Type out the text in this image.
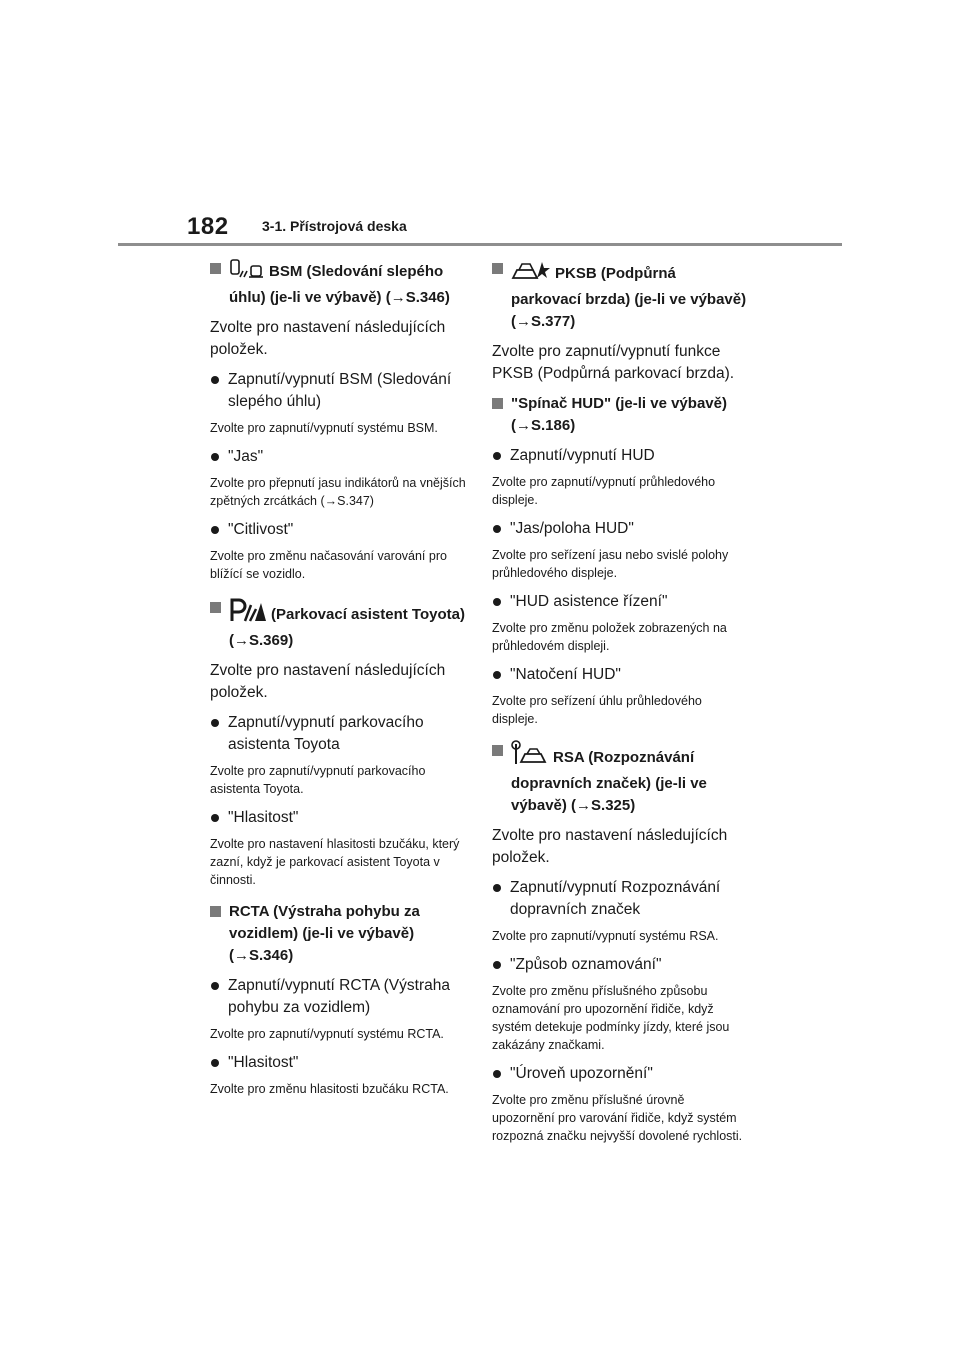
182 3-1. Přístrojová deska
BSM (Sledování slepého úhlu) (je-li ve výbavě) (→S.346)
Zvolte pro nastavení následujících položek.
Zapnutí/vypnutí BSM (Sledování slepého úhlu)
Zvolte pro zapnutí/vypnutí systému BSM.
"Jas"
Zvolte pro přepnutí jasu indikátorů na vnějších zpětných zrcátkách (→S.347)
"Citlivost"
Zvolte pro změnu načasování varování pro blížící se vozidlo.
(Parkovací asistent Toyota) (→S.369)
Zvolte pro nastavení následujících položek.
Zapnutí/vypnutí parkovacího asistenta Toyota
Zvolte pro zapnutí/vypnutí parkovacího asistenta Toyota.
"Hlasitost"
Zvolte pro nastavení hlasitosti bzučáku, který zazní, když je parkovací asistent Toyota v činnosti.
RCTA (Výstraha pohybu za vozidlem) (je-li ve výbavě) (→S.346)
Zapnutí/vypnutí RCTA (Výstraha pohybu za vozidlem)
Zvolte pro zapnutí/vypnutí systému RCTA.
"Hlasitost"
Zvolte pro změnu hlasitosti bzučáku RCTA.
PKSB (Podpůrná parkovací brzda) (je-li ve výbavě) (→S.377)
Zvolte pro zapnutí/vypnutí funkce PKSB (Podpůrná parkovací brzda).
"Spínač HUD" (je-li ve výbavě) (→S.186)
Zapnutí/vypnutí HUD
Zvolte pro zapnutí/vypnutí průhledového displeje.
"Jas/poloha HUD"
Zvolte pro seřízení jasu nebo svislé polohy průhledového displeje.
"HUD asistence řízení"
Zvolte pro změnu položek zobrazených na průhledovém displeji.
"Natočení HUD"
Zvolte pro seřízení úhlu průhledového displeje.
RSA (Rozpoznávání dopravních značek) (je-li ve výbavě) (→S.325)
Zvolte pro nastavení následujících položek.
Zapnutí/vypnutí Rozpoznávání dopravních značek
Zvolte pro zapnutí/vypnutí systému RSA.
"Způsob oznamování"
Zvolte pro změnu příslušného způsobu oznamování pro upozornění řidiče, když systém detekuje podmínky jízdy, které jsou zakázány značkami.
"Úroveň upozornění"
Zvolte pro změnu příslušné úrovně upozornění pro varování řidiče, když systém rozpozná značku nejvyšší dovolené rychlosti.
